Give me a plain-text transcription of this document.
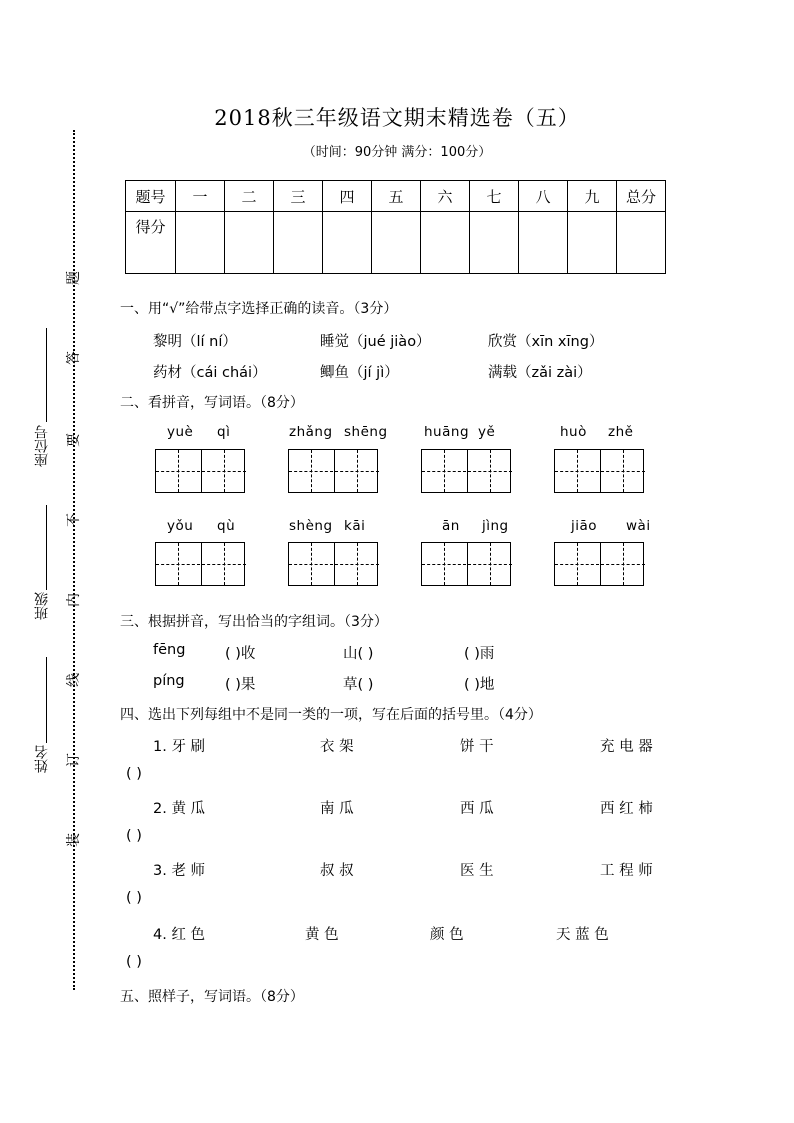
2018秋三年级语文期末精选卷（五）
（时间：90分钟 满分：100分）
题号	一	二	三	四	五	六	七	八	九	总分
得分										
题
答
要
不
内
线
订
装
座位号
班级
姓名
一、用“√”给带点字选择正确的读音。（3分）
黎明（lí ní）	睡觉（jué jiào）	欣赏（xīn xīng）
药材（cái chái）	鲫鱼（jí jì）	满载（zǎi zài）
二、看拼音，写词语。（8分）
yuè qì	zhǎng shēng	huāng yě	huò zhě
yǒu qù	shèng kāi	ān jìng	jiāo wài
三、根据拼音，写出恰当的字组词。（3分）
fēng	( )收	山( )	( )雨
píng	( )果	草( )	( )地
四、选出下列每组中不是同一类的一项，写在后面的括号里。（4分）
1. 牙 刷	衣 架	饼 干	充 电 器
( )
2. 黄 瓜	南 瓜	西 瓜	西 红 柿
( )
3. 老 师	叔 叔	医 生	工 程 师
( )
4. 红 色	黄 色	颜 色	天 蓝 色
( )
五、照样子，写词语。（8分）
